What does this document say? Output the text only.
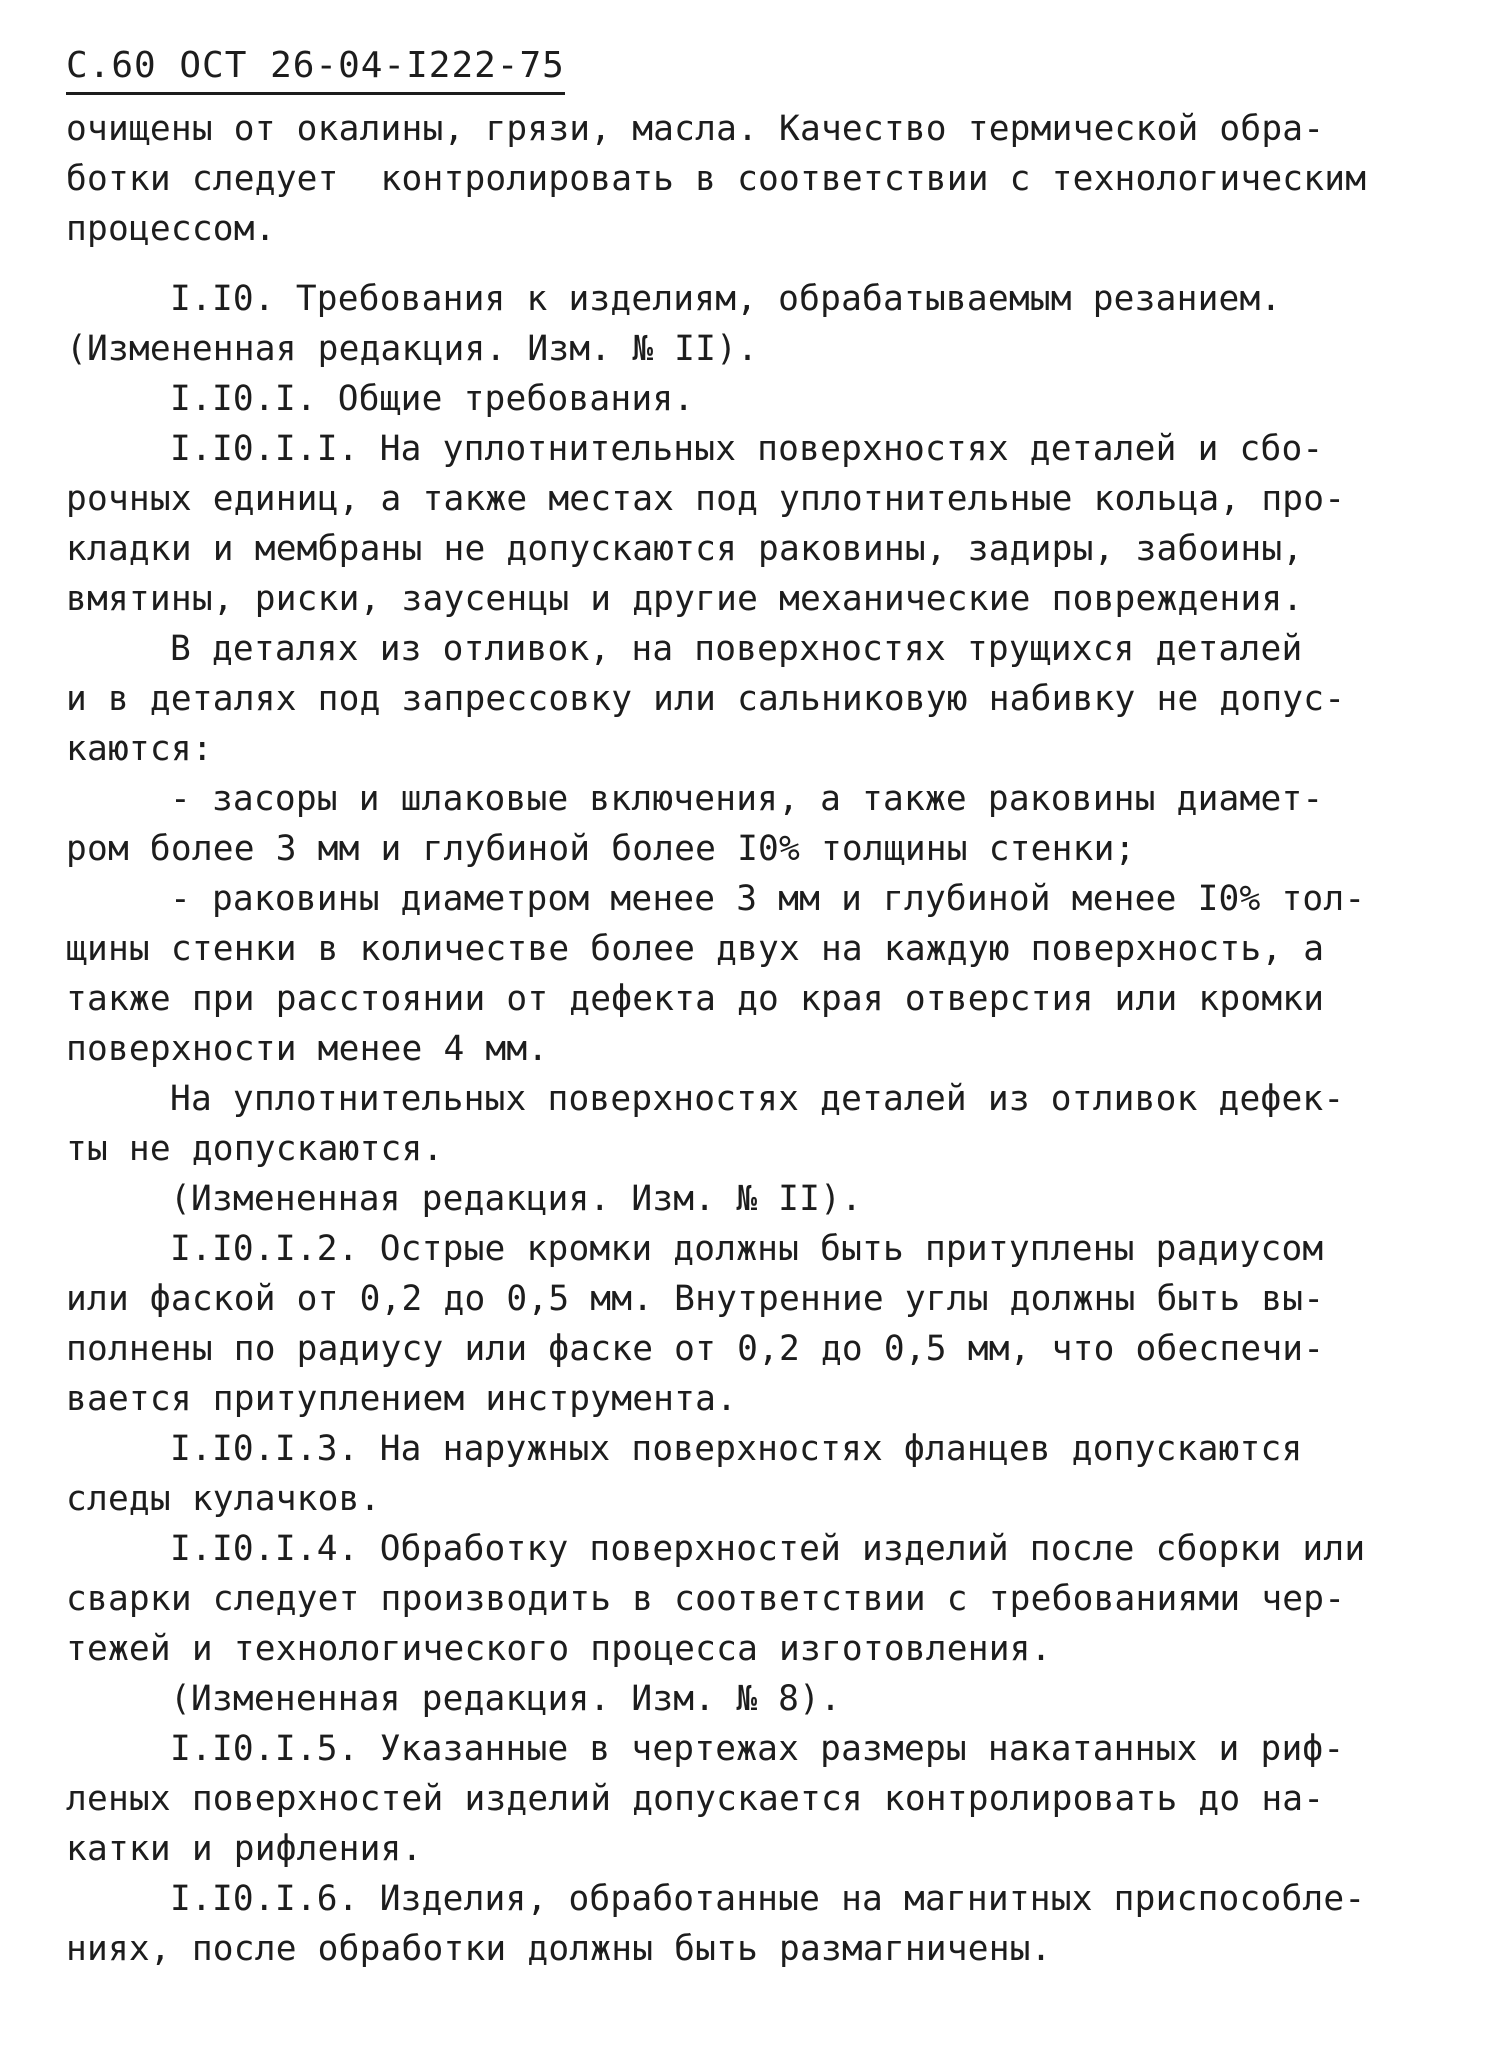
С.60 ОСТ 26-04-I222-75
очищены от окалины, грязи, масла. Качество термической обра-
ботки следует  контролировать в соответствии с технологическим
процессом.
I.I0. Требования к изделиям, обрабатываемым резанием.
(Измененная редакция. Изм. № II).
I.I0.I. Общие требования.
I.I0.I.I. На уплотнительных поверхностях деталей и сбо-
рочных единиц, а также местах под уплотнительные кольца, про-
кладки и мембраны не допускаются раковины, задиры, забоины,
вмятины, риски, заусенцы и другие механические повреждения.
В деталях из отливок, на поверхностях трущихся деталей
и в деталях под запрессовку или сальниковую набивку не допус-
каются:
- засоры и шлаковые включения, а также раковины диамет-
ром более 3 мм и глубиной более I0% толщины стенки;
- раковины диаметром менее 3 мм и глубиной менее I0% тол-
щины стенки в количестве более двух на каждую поверхность, а
также при расстоянии от дефекта до края отверстия или кромки
поверхности менее 4 мм.
На уплотнительных поверхностях деталей из отливок дефек-
ты не допускаются.
(Измененная редакция. Изм. № II).
I.I0.I.2. Острые кромки должны быть притуплены радиусом
или фаской от 0,2 до 0,5 мм. Внутренние углы должны быть вы-
полнены по радиусу или фаске от 0,2 до 0,5 мм, что обеспечи-
вается притуплением инструмента.
I.I0.I.3. На наружных поверхностях фланцев допускаются
следы кулачков.
I.I0.I.4. Обработку поверхностей изделий после сборки или
сварки следует производить в соответствии с требованиями чер-
тежей и технологического процесса изготовления.
(Измененная редакция. Изм. № 8).
I.I0.I.5. Указанные в чертежах размеры накатанных и риф-
леных поверхностей изделий допускается контролировать до на-
катки и рифления.
I.I0.I.6. Изделия, обработанные на магнитных приспособле-
ниях, после обработки должны быть размагничены.
